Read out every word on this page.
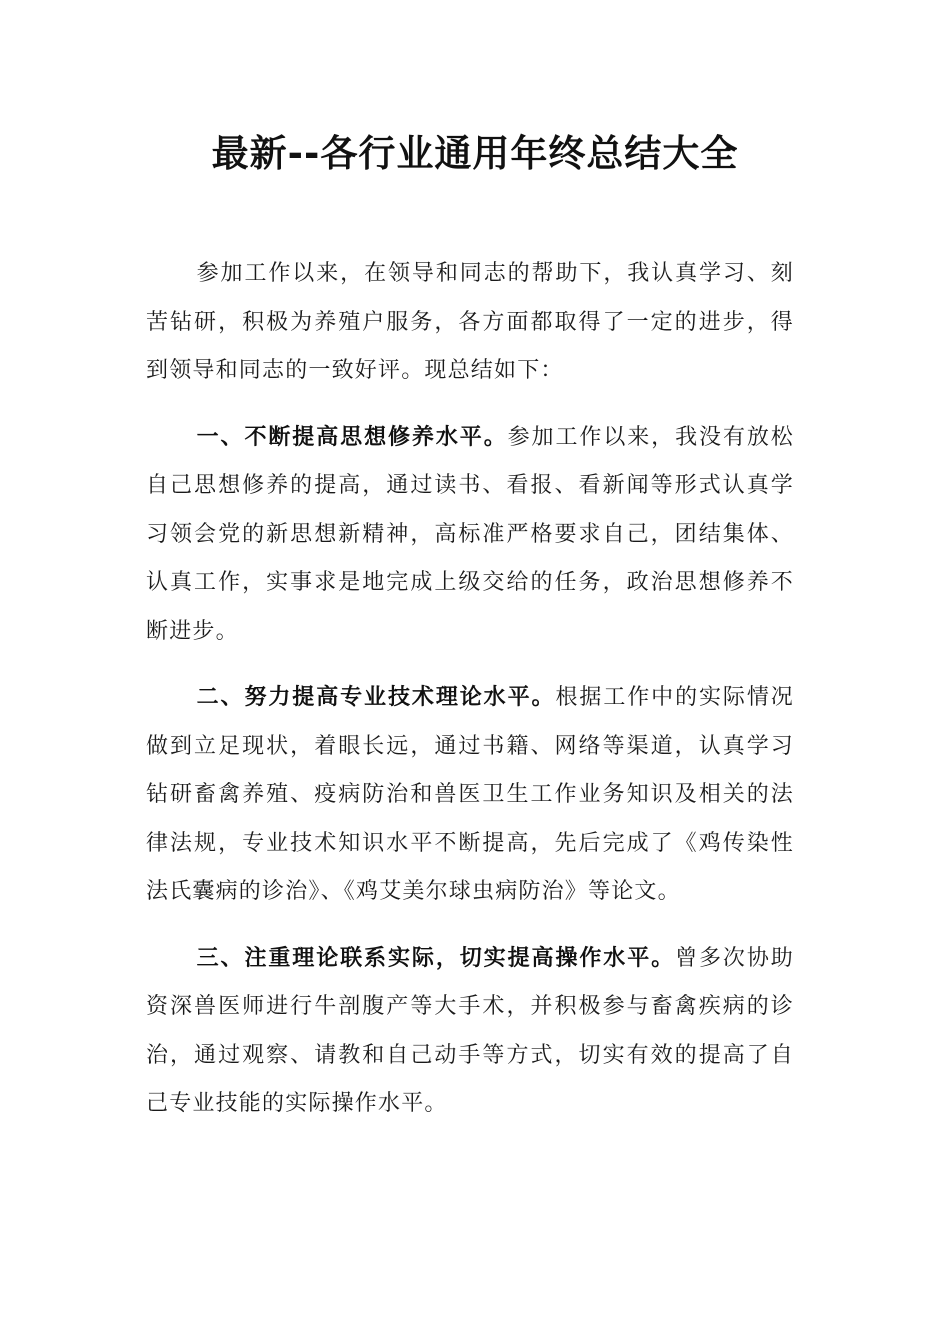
最新--各行业通用年终总结大全

参加工作以来，在领导和同志的帮助下，我认真学习、刻苦钻研，积极为养殖户服务，各方面都取得了一定的进步，得到领导和同志的一致好评。现总结如下：

一、不断提高思想修养水平。参加工作以来，我没有放松自己思想修养的提高，通过读书、看报、看新闻等形式认真学习领会党的新思想新精神，高标准严格要求自己，团结集体、认真工作，实事求是地完成上级交给的任务，政治思想修养不断进步。

二、努力提高专业技术理论水平。根据工作中的实际情况做到立足现状，着眼长远，通过书籍、网络等渠道，认真学习钻研畜禽养殖、疫病防治和兽医卫生工作业务知识及相关的法律法规，专业技术知识水平不断提高，先后完成了《鸡传染性法氏囊病的诊治》、《鸡艾美尔球虫病防治》等论文。

三、注重理论联系实际，切实提高操作水平。曾多次协助资深兽医师进行牛剖腹产等大手术，并积极参与畜禽疾病的诊治，通过观察、请教和自己动手等方式，切实有效的提高了自己专业技能的实际操作水平。
